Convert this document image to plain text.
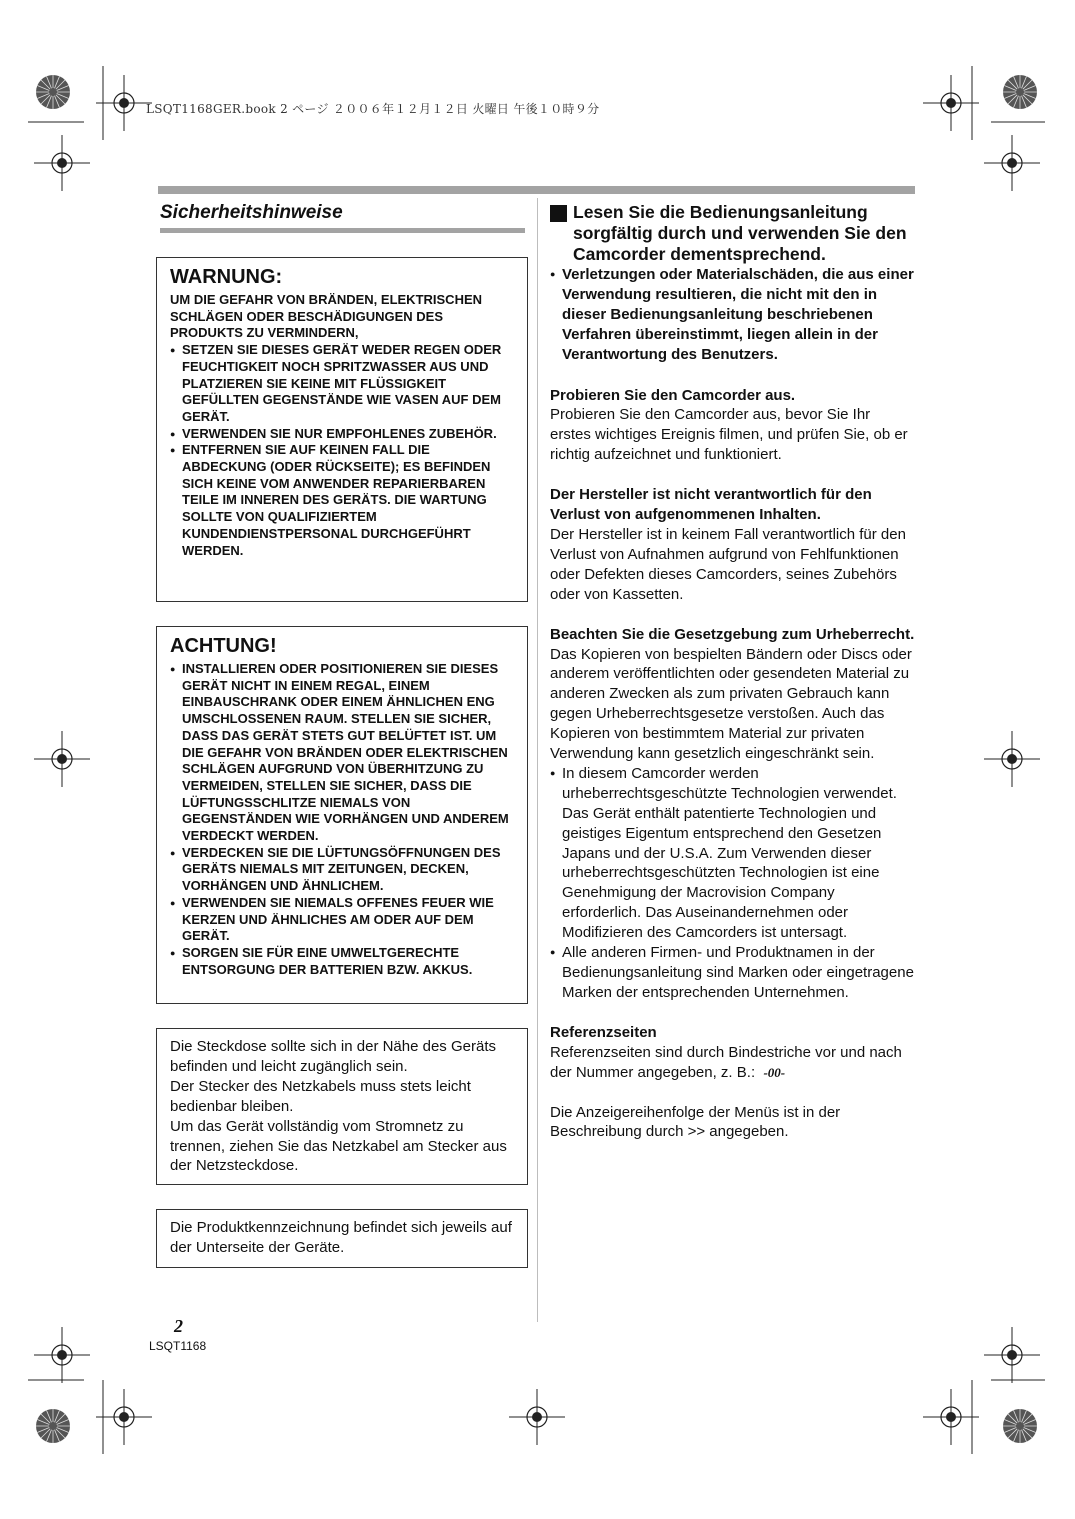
LSQT1168GER.book 2 ページ ２００６年１２月１２日 火曜日 午後１０時９分
Sicherheitshinweise

WARNUNG:

UM DIE GEFAHR VON BRÄNDEN, ELEKTRISCHEN SCHLÄGEN ODER BESCHÄDIGUNGEN DES PRODUKTS ZU VERMINDERN,

● SETZEN SIE DIESES GERÄT WEDER REGEN ODER FEUCHTIGKEIT NOCH SPRITZWASSER AUS UND PLATZIEREN SIE KEINE MIT FLÜSSIGKEIT GEFÜLLTEN GEGENSTÄNDE WIE VASEN AUF DEM GERÄT.
● VERWENDEN SIE NUR EMPFOHLENES ZUBEHÖR.
● ENTFERNEN SIE AUF KEINEN FALL DIE ABDECKUNG (ODER RÜCKSEITE); ES BEFINDEN SICH KEINE VOM ANWENDER REPARIERBAREN TEILE IM INNEREN DES GERÄTS. DIE WARTUNG SOLLTE VON QUALIFIZIERTEM KUNDENDIENSTPERSONAL DURCHGEFÜHRT WERDEN.

ACHTUNG!

● INSTALLIEREN ODER POSITIONIEREN SIE DIESES GERÄT NICHT IN EINEM REGAL, EINEM EINBAUSCHRANK ODER EINEM ÄHNLICHEN ENG UMSCHLOSSENEN RAUM. STELLEN SIE SICHER, DASS DAS GERÄT STETS GUT BELÜFTET IST. UM DIE GEFAHR VON BRÄNDEN ODER ELEKTRISCHEN SCHLÄGEN AUFGRUND VON ÜBERHITZUNG ZU VERMEIDEN, STELLEN SIE SICHER, DASS DIE LÜFTUNGSSCHLITZE NIEMALS VON GEGENSTÄNDEN WIE VORHÄNGEN UND ANDEREM VERDECKT WERDEN.
● VERDECKEN SIE DIE LÜFTUNGSÖFFNUNGEN DES GERÄTS NIEMALS MIT ZEITUNGEN, DECKEN, VORHÄNGEN UND ÄHNLICHEM.
● VERWENDEN SIE NIEMALS OFFENES FEUER WIE KERZEN UND ÄHNLICHES AM ODER AUF DEM GERÄT.
● SORGEN SIE FÜR EINE UMWELTGERECHTE ENTSORGUNG DER BATTERIEN BZW. AKKUS.

Die Steckdose sollte sich in der Nähe des Geräts befinden und leicht zugänglich sein.

Der Stecker des Netzkabels muss stets leicht bedienbar bleiben.

Um das Gerät vollständig vom Stromnetz zu trennen, ziehen Sie das Netzkabel am Stecker aus der Netzsteckdose.

Die Produktkennzeichnung befindet sich jeweils auf der Unterseite der Geräte.

Lesen Sie die Bedienungsanleitung sorgfältig durch und verwenden Sie den Camcorder dementsprechend.

● Verletzungen oder Materialschäden, die aus einer Verwendung resultieren, die nicht mit den in dieser Bedienungsanleitung beschriebenen Verfahren übereinstimmt, liegen allein in der Verantwortung des Benutzers.

Probieren Sie den Camcorder aus.

Probieren Sie den Camcorder aus, bevor Sie Ihr erstes wichtiges Ereignis filmen, und prüfen Sie, ob er richtig aufzeichnet und funktioniert.

Der Hersteller ist nicht verantwortlich für den Verlust von aufgenommenen Inhalten.

Der Hersteller ist in keinem Fall verantwortlich für den Verlust von Aufnahmen aufgrund von Fehlfunktionen oder Defekten dieses Camcorders, seines Zubehörs oder von Kassetten.

Beachten Sie die Gesetzgebung zum Urheberrecht.

Das Kopieren von bespielten Bändern oder Discs oder anderem veröffentlichten oder gesendeten Material zu anderen Zwecken als zum privaten Gebrauch kann gegen Urheberrechtsgesetze verstoßen. Auch das Kopieren von bestimmtem Material zur privaten Verwendung kann gesetzlich eingeschränkt sein.

● In diesem Camcorder werden urheberrechtsgeschützte Technologien verwendet. Das Gerät enthält patentierte Technologien und geistiges Eigentum entsprechend den Gesetzen Japans und der U.S.A. Zum Verwenden dieser urheberrechtsgeschützten Technologien ist eine Genehmigung der Macrovision Company erforderlich. Das Auseinandernehmen oder Modifizieren des Camcorders ist untersagt.
● Alle anderen Firmen- und Produktnamen in der Bedienungsanleitung sind Marken oder eingetragene Marken der entsprechenden Unternehmen.

Referenzseiten

Referenzseiten sind durch Bindestriche vor und nach der Nummer angegeben, z. B.: -00-

Die Anzeigereihenfolge der Menüs ist in der Beschreibung durch >> angegeben.

2
LSQT1168
